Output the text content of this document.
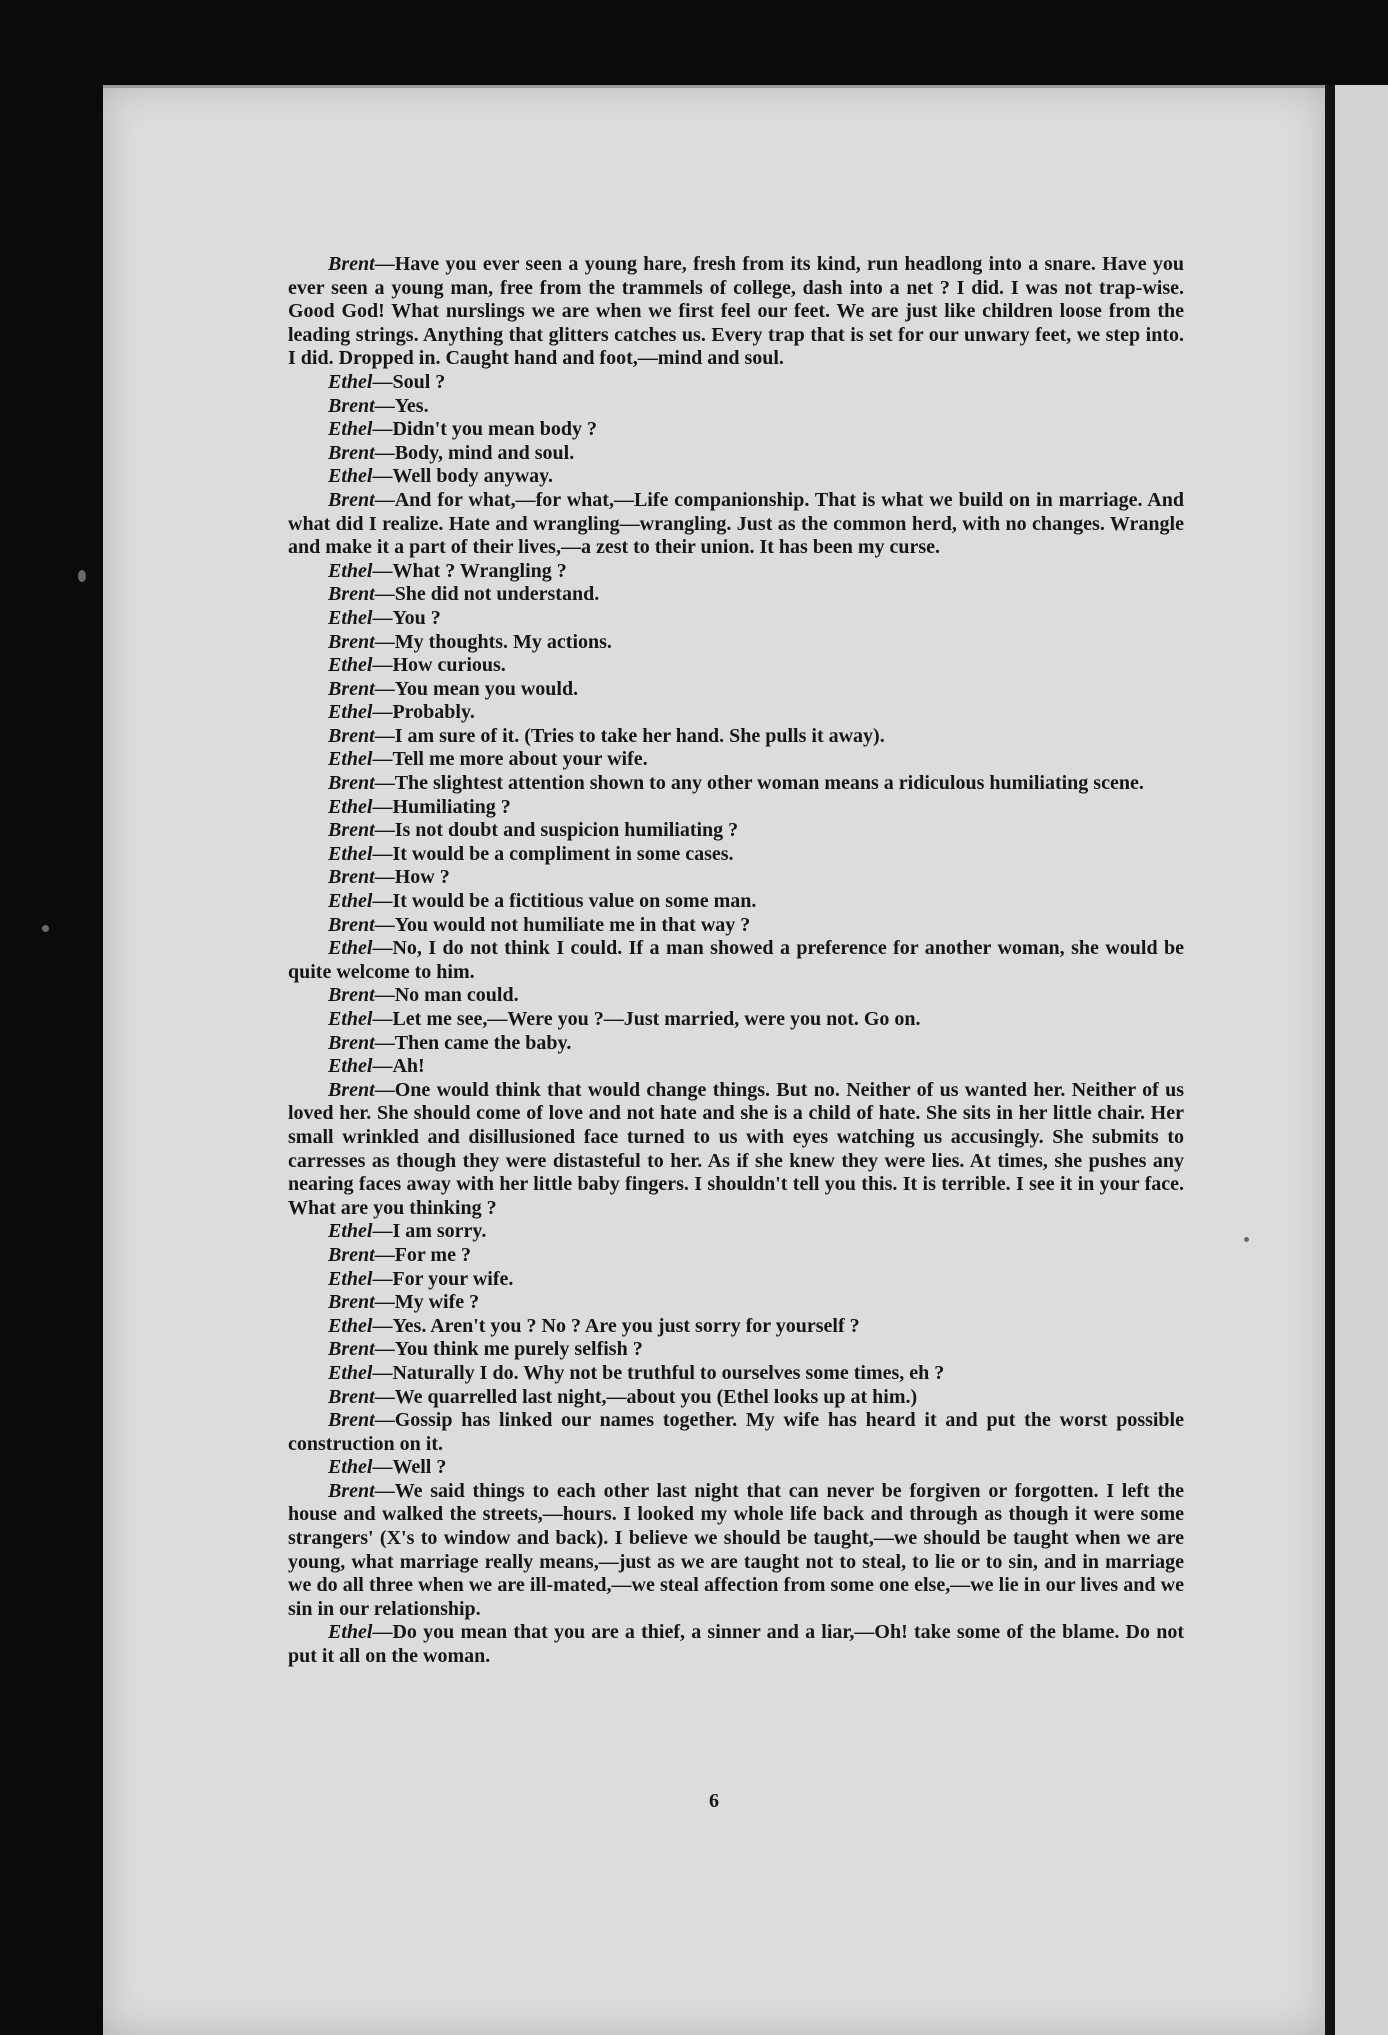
Brent—Have you ever seen a young hare, fresh from its kind, run headlong into a snare. Have you ever seen a young man, free from the trammels of college, dash into a net ? I did. I was not trap-wise. Good God! What nurslings we are when we first feel our feet. We are just like children loose from the leading strings. Anything that glitters catches us. Every trap that is set for our unwary feet, we step into. I did. Dropped in. Caught hand and foot,—mind and soul.

Ethel—Soul ?

Brent—Yes.

Ethel—Didn't you mean body ?

Brent—Body, mind and soul.

Ethel—Well body anyway.

Brent—And for what,—for what,—Life companionship. That is what we build on in marriage. And what did I realize. Hate and wrangling—wrangling. Just as the common herd, with no changes. Wrangle and make it a part of their lives,—a zest to their union. It has been my curse.

Ethel—What ? Wrangling ?

Brent—She did not understand.

Ethel—You ?

Brent—My thoughts. My actions.

Ethel—How curious.

Brent—You mean you would.

Ethel—Probably.

Brent—I am sure of it. (Tries to take her hand. She pulls it away).

Ethel—Tell me more about your wife.

Brent—The slightest attention shown to any other woman means a ridiculous humiliating scene.

Ethel—Humiliating ?

Brent—Is not doubt and suspicion humiliating ?

Ethel—It would be a compliment in some cases.

Brent—How ?

Ethel—It would be a fictitious value on some man.

Brent—You would not humiliate me in that way ?

Ethel—No, I do not think I could. If a man showed a preference for another woman, she would be quite welcome to him.

Brent—No man could.

Ethel—Let me see,—Were you ?—Just married, were you not. Go on.

Brent—Then came the baby.

Ethel—Ah!

Brent—One would think that would change things. But no. Neither of us wanted her. Neither of us loved her. She should come of love and not hate and she is a child of hate. She sits in her little chair. Her small wrinkled and disillusioned face turned to us with eyes watching us accusingly. She submits to carresses as though they were distasteful to her. As if she knew they were lies. At times, she pushes any nearing faces away with her little baby fingers. I shouldn't tell you this. It is terrible. I see it in your face. What are you thinking ?

Ethel—I am sorry.

Brent—For me ?

Ethel—For your wife.

Brent—My wife ?

Ethel—Yes. Aren't you ? No ? Are you just sorry for yourself ?

Brent—You think me purely selfish ?

Ethel—Naturally I do. Why not be truthful to ourselves some times, eh ?

Brent—We quarrelled last night,—about you (Ethel looks up at him.)

Brent—Gossip has linked our names together. My wife has heard it and put the worst possible construction on it.

Ethel—Well ?

Brent—We said things to each other last night that can never be forgiven or forgotten. I left the house and walked the streets,—hours. I looked my whole life back and through as though it were some strangers' (X's to window and back). I believe we should be taught,—we should be taught when we are young, what marriage really means,—just as we are taught not to steal, to lie or to sin, and in marriage we do all three when we are ill-mated,—we steal affection from some one else,—we lie in our lives and we sin in our relationship.

Ethel—Do you mean that you are a thief, a sinner and a liar,—Oh! take some of the blame. Do not put it all on the woman.

6
